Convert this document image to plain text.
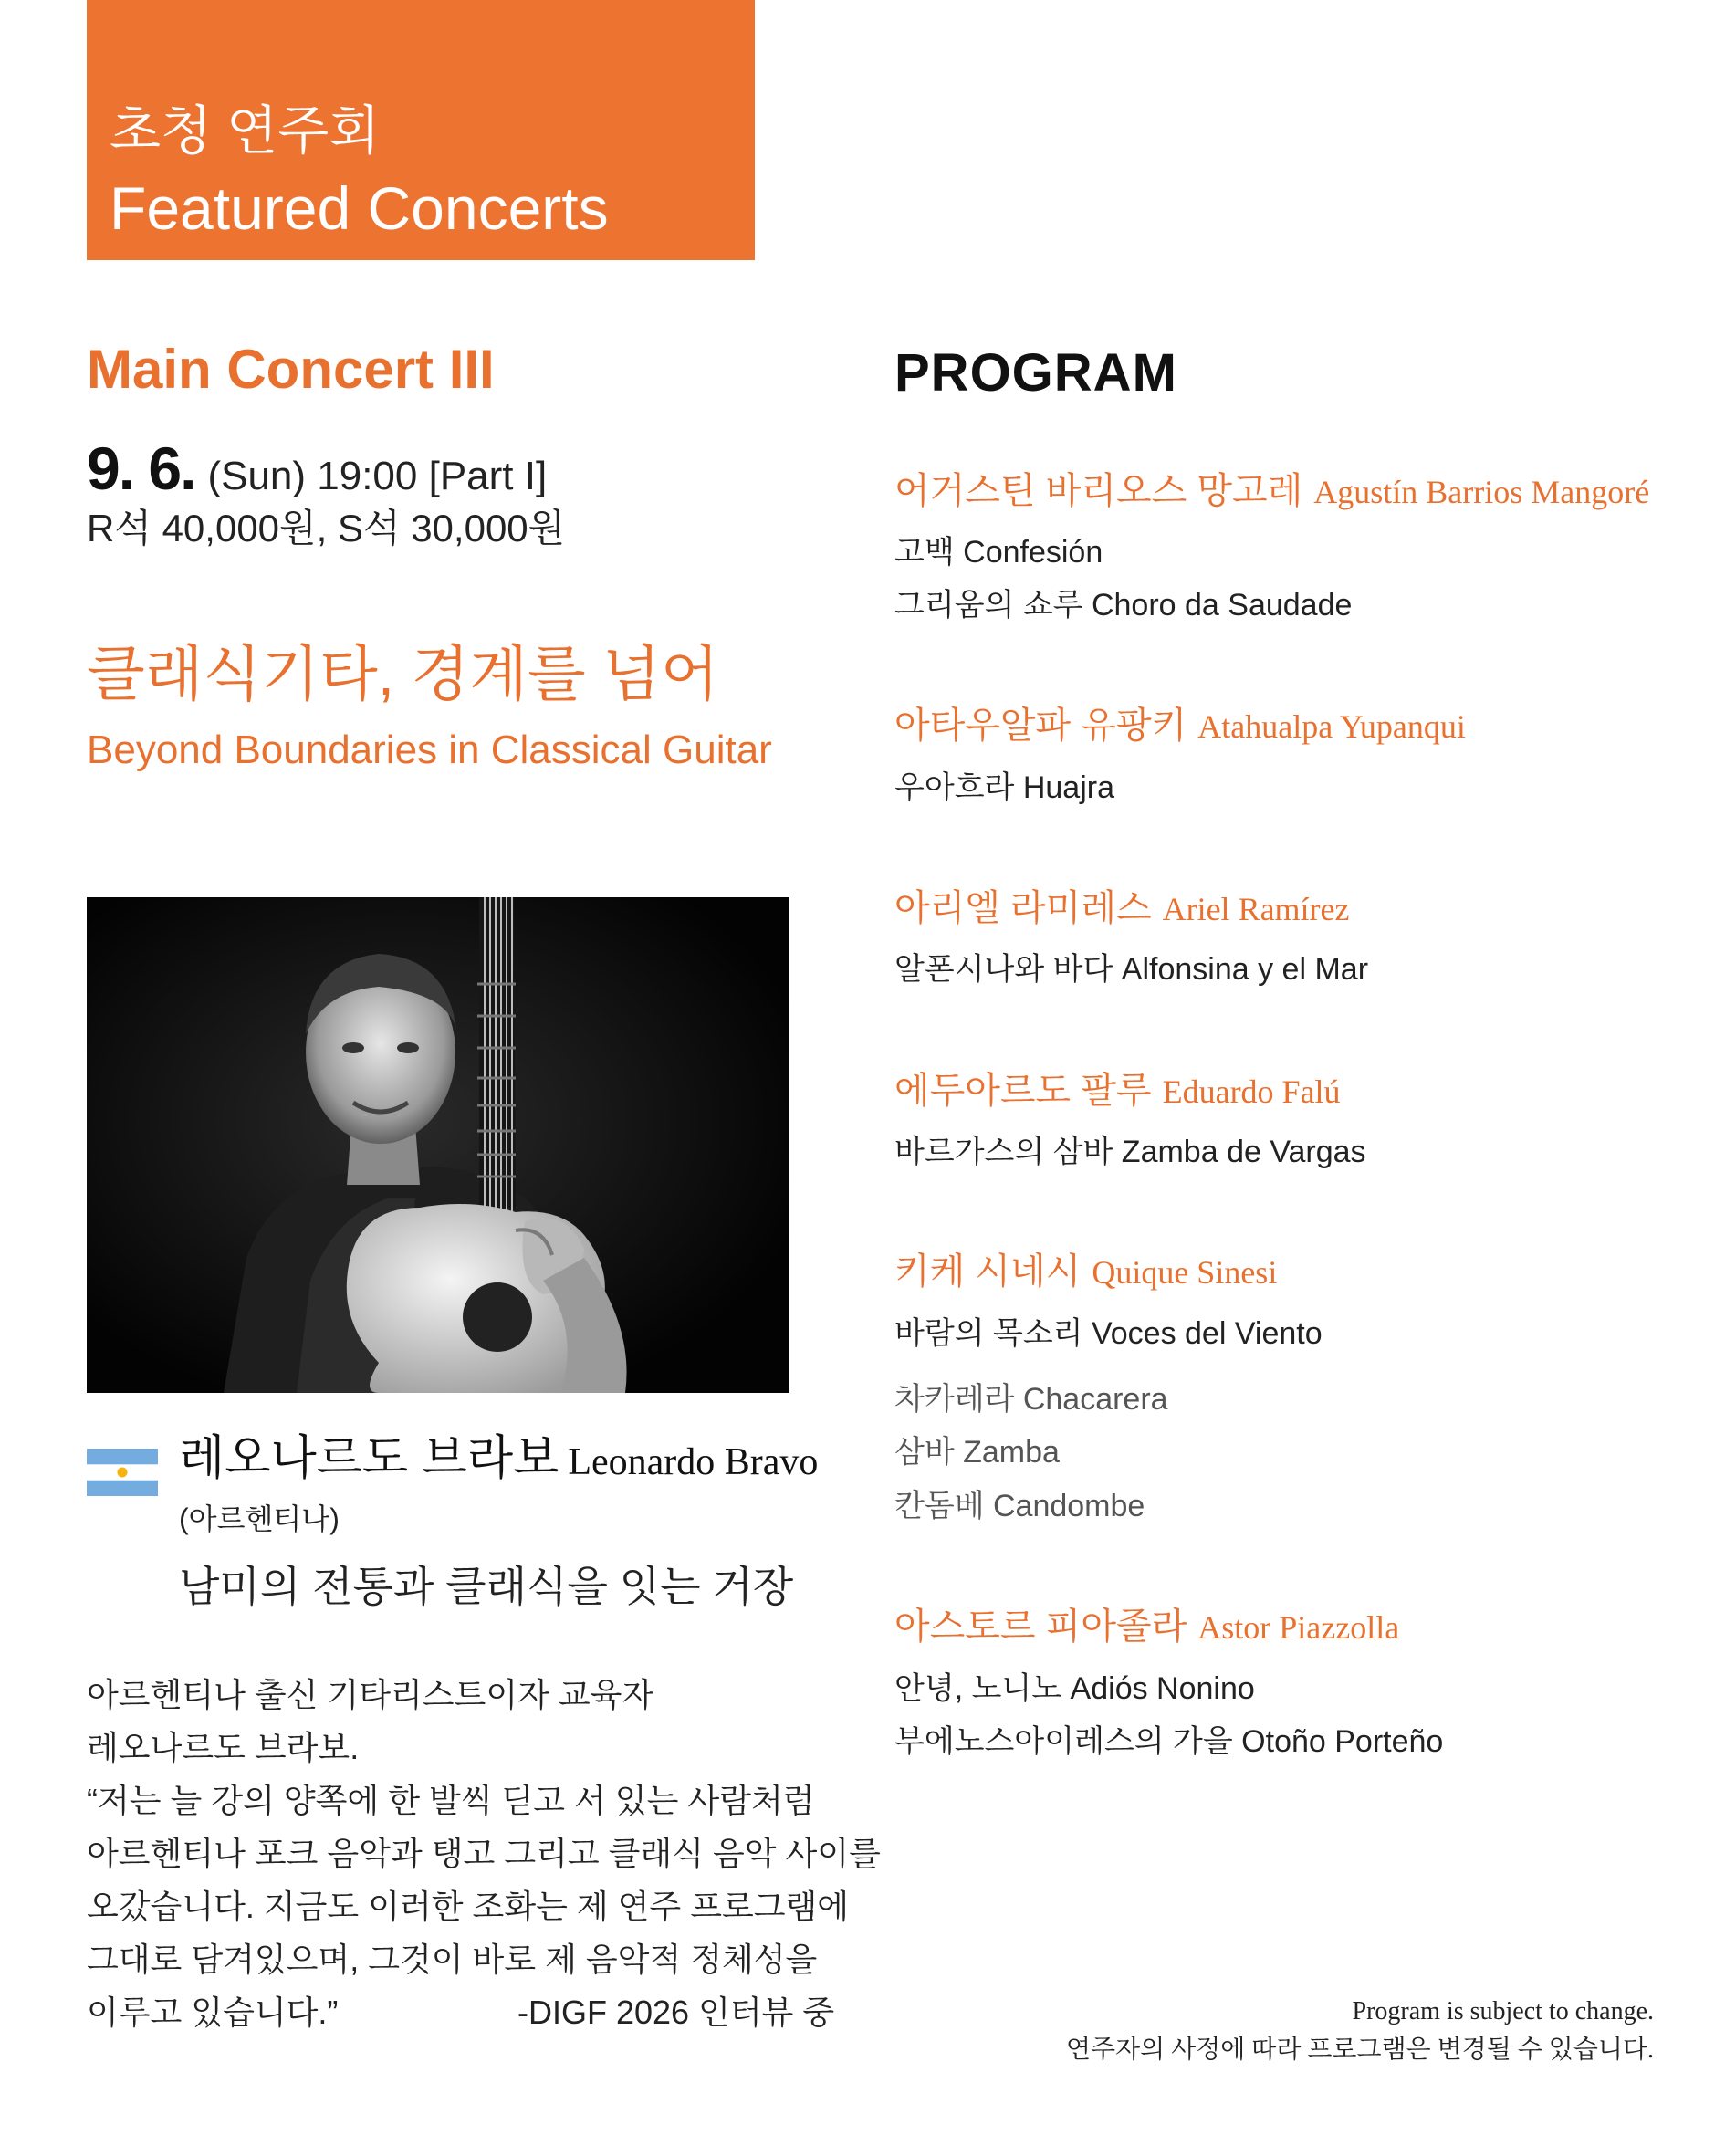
초청 연주회
Featured Concerts
Main Concert III
9. 6. (Sun) 19:00 [Part I]
R석 40,000원, S석 30,000원
클래식기타, 경계를 넘어
Beyond Boundaries in Classical Guitar
레오나르도 브라보 Leonardo Bravo
(아르헨티나)
남미의 전통과 클래식을 잇는 거장
아르헨티나 출신 기타리스트이자 교육자
레오나르도 브라보.
“저는 늘 강의 양쪽에 한 발씩 딛고 서 있는 사람처럼
아르헨티나 포크 음악과 탱고 그리고 클래식 음악 사이를
오갔습니다. 지금도 이러한 조화는 제 연주 프로그램에
그대로 담겨있으며, 그것이 바로 제 음악적 정체성을
이루고 있습니다.”	-DIGF 2026 인터뷰 중
PROGRAM
어거스틴 바리오스 망고레 Agustín Barrios Mangoré
고백 Confesión
그리움의 쇼루 Choro da Saudade
아타우알파 유팡키 Atahualpa Yupanqui
우아흐라 Huajra
아리엘 라미레스 Ariel Ramírez
알폰시나와 바다 Alfonsina y el Mar
에두아르도 팔루 Eduardo Falú
바르가스의 삼바 Zamba de Vargas
키케 시네시 Quique Sinesi
바람의 목소리 Voces del Viento
차카레라 Chacarera
삼바 Zamba
칸돔베 Candombe
아스토르 피아졸라 Astor Piazzolla
안녕, 노니노 Adiós Nonino
부에노스아이레스의 가을 Otoño Porteño
Program is subject to change.
연주자의 사정에 따라 프로그램은 변경될 수 있습니다.
